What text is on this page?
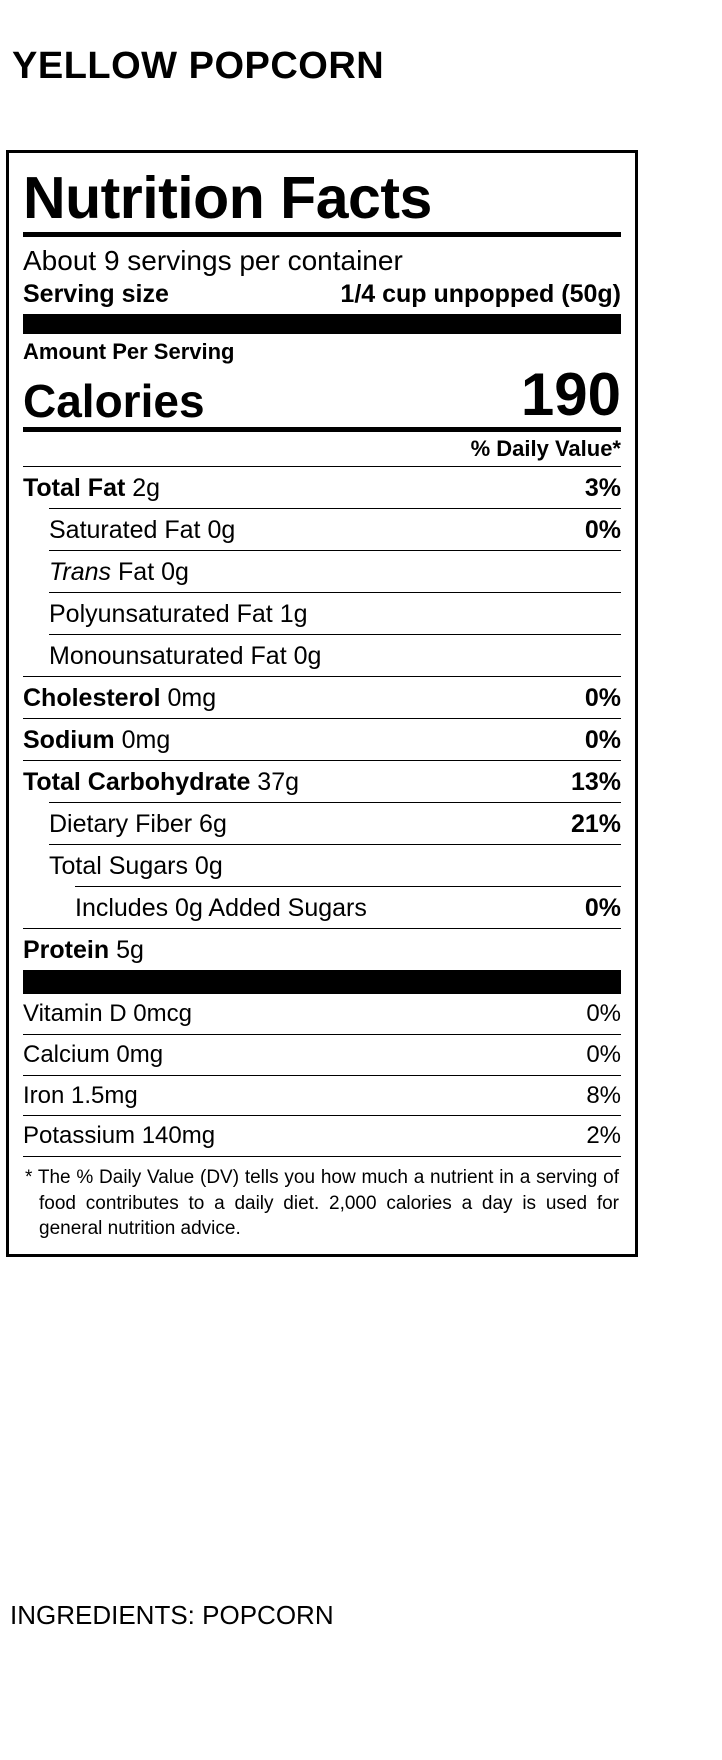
YELLOW POPCORN
Nutrition Facts
About 9 servings per container
Serving size	1/4 cup unpopped (50g)
Amount Per Serving
Calories	190
% Daily Value*
Total Fat 2g	3%
Saturated Fat 0g	0%
Trans Fat 0g
Polyunsaturated Fat 1g
Monounsaturated Fat 0g
Cholesterol 0mg	0%
Sodium 0mg	0%
Total Carbohydrate 37g	13%
Dietary Fiber 6g	21%
Total Sugars 0g
Includes 0g Added Sugars	0%
Protein 5g
Vitamin D 0mcg	0%
Calcium 0mg	0%
Iron 1.5mg	8%
Potassium 140mg	2%
* The % Daily Value (DV) tells you how much a nutrient in a serving of food contributes to a daily diet. 2,000 calories a day is used for general nutrition advice.
INGREDIENTS: POPCORN
